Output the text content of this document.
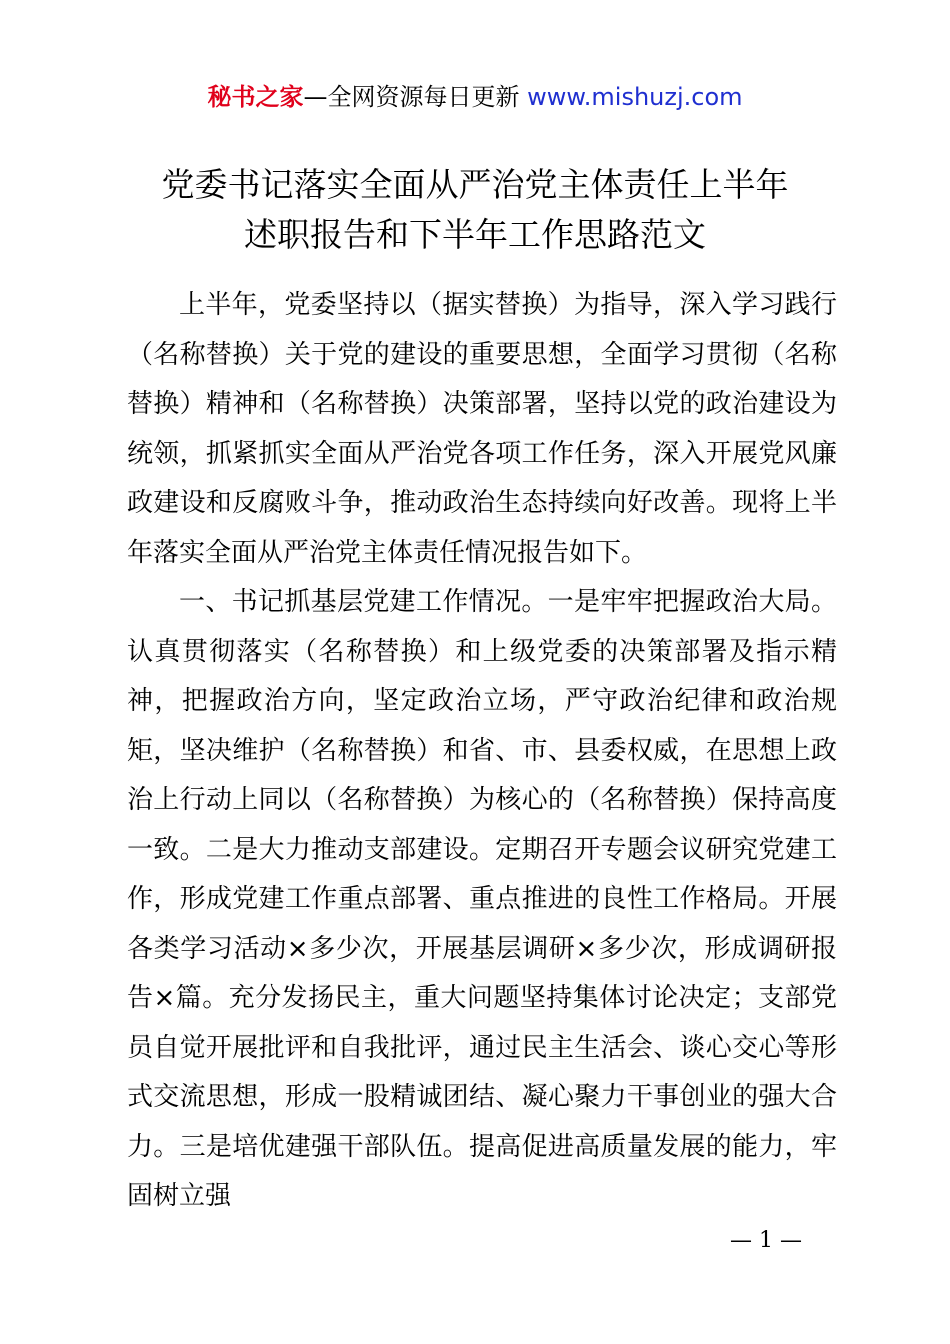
秘书之家—全网资源每日更新 www.mishuzj.com
党委书记落实全面从严治党主体责任上半年
述职报告和下半年工作思路范文

上半年，党委坚持以（据实替换）为指导，深入学习践行（名称替换）关于党的建设的重要思想，全面学习贯彻（名称替换）精神和（名称替换）决策部署，坚持以党的政治建设为统领，抓紧抓实全面从严治党各项工作任务，深入开展党风廉政建设和反腐败斗争，推动政治生态持续向好改善。现将上半年落实全面从严治党主体责任情况报告如下。

一、书记抓基层党建工作情况。一是牢牢把握政治大局。认真贯彻落实（名称替换）和上级党委的决策部署及指示精神，把握政治方向，坚定政治立场，严守政治纪律和政治规矩，坚决维护（名称替换）和省、市、县委权威，在思想上政治上行动上同以（名称替换）为核心的（名称替换）保持高度一致。二是大力推动支部建设。定期召开专题会议研究党建工作，形成党建工作重点部署、重点推进的良性工作格局。开展各类学习活动×多少次，开展基层调研×多少次，形成调研报告×篇。充分发扬民主，重大问题坚持集体讨论决定；支部党员自觉开展批评和自我批评，通过民主生活会、谈心交心等形式交流思想，形成一股精诚团结、凝心聚力干事创业的强大合力。三是培优建强干部队伍。提高促进高质量发展的能力，牢固树立强

— 1 —
